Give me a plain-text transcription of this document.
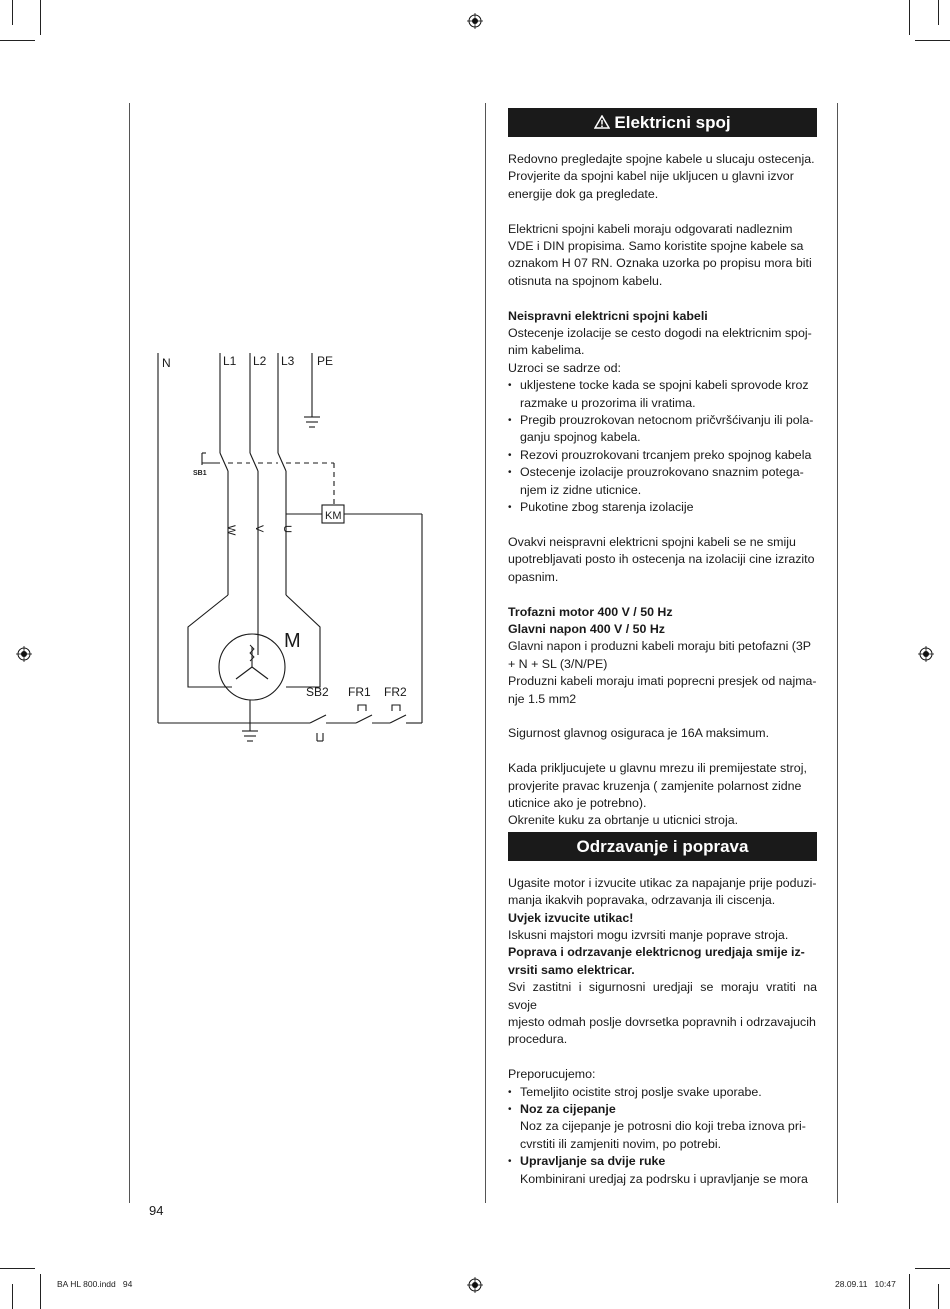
N	L1 L2 L3 PE
SB1
KM
W V U
M
SB2 FR1 FR2
Elektricni spoj

Redovno pregledajte spojne kabele u slucaju ostecenja.
Provjerite da spojni kabel nije ukljucen u glavni izvor
energije dok ga pregledate.

Elektricni spojni kabeli moraju odgovarati nadleznim
VDE i DIN propisima. Samo koristite spojne kabele sa
oznakom H 07 RN. Oznaka uzorka po propisu mora biti
otisnuta na spojnom kabelu.

Neispravni elektricni spojni kabeli

Ostecenje izolacije se cesto dogodi na elektricnim spoj-
nim kabelima.
Uzroci se sadrze od:

• ukljestene tocke kada se spojni kabeli sprovode kroz
razmake u prozorima ili vratima.
• Pregib prouzrokovan netocnom pričvršćivanju ili pola-
ganju spojnog kabela.
• Rezovi prouzrokovani trcanjem preko spojnog kabela
• Ostecenje izolacije prouzrokovano snaznim potega-
njem iz zidne uticnice.
• Pukotine zbog starenja izolacije

Ovakvi neispravni elektricni spojni kabeli se ne smiju
upotrebljavati posto ih ostecenja na izolaciji cine izrazito
opasnim.

Trofazni motor 400 V / 50 Hz

Glavni napon 400 V / 50 Hz

Glavni napon i produzni kabeli moraju biti petofazni (3P
+ N + SL (3/N/PE)
Produzni kabeli moraju imati poprecni presjek od najma-
nje 1.5 mm2

Sigurnost glavnog osiguraca je 16A maksimum.

Kada prikljucujete u glavnu mrezu ili premijestate stroj,
provjerite pravac kruzenja ( zamjenite polarnost zidne
uticnice ako je potrebno).
Okrenite kuku za obrtanje u uticnici stroja.

Odrzavanje i poprava

Ugasite motor i izvucite utikac za napajanje prije poduzi-
manja ikakvih popravaka, odrzavanja ili ciscenja.

Uvjek izvucite utikac!

Iskusni majstori mogu izvrsiti manje poprave stroja.

Poprava i odrzavanje elektricnog uredjaja smije iz-
vrsiti samo elektricar.

Svi zastitni i sigurnosni uredjaji se moraju vratiti na svoje
mjesto odmah poslje dovrsetka popravnih i odrzavajucih
procedura.

Preporucujemo:

• Temeljito ocistite stroj poslje svake uporabe.
• Noz za cijepanje
Noz za cijepanje je potrosni dio koji treba iznova pri-
cvrstiti ili zamjeniti novim, po potrebi.
• Upravljanje sa dvije ruke
Kombinirani uredjaj za podrsku i upravljanje se mora
94
BA HL 800.indd   94	28.09.11   10:47
